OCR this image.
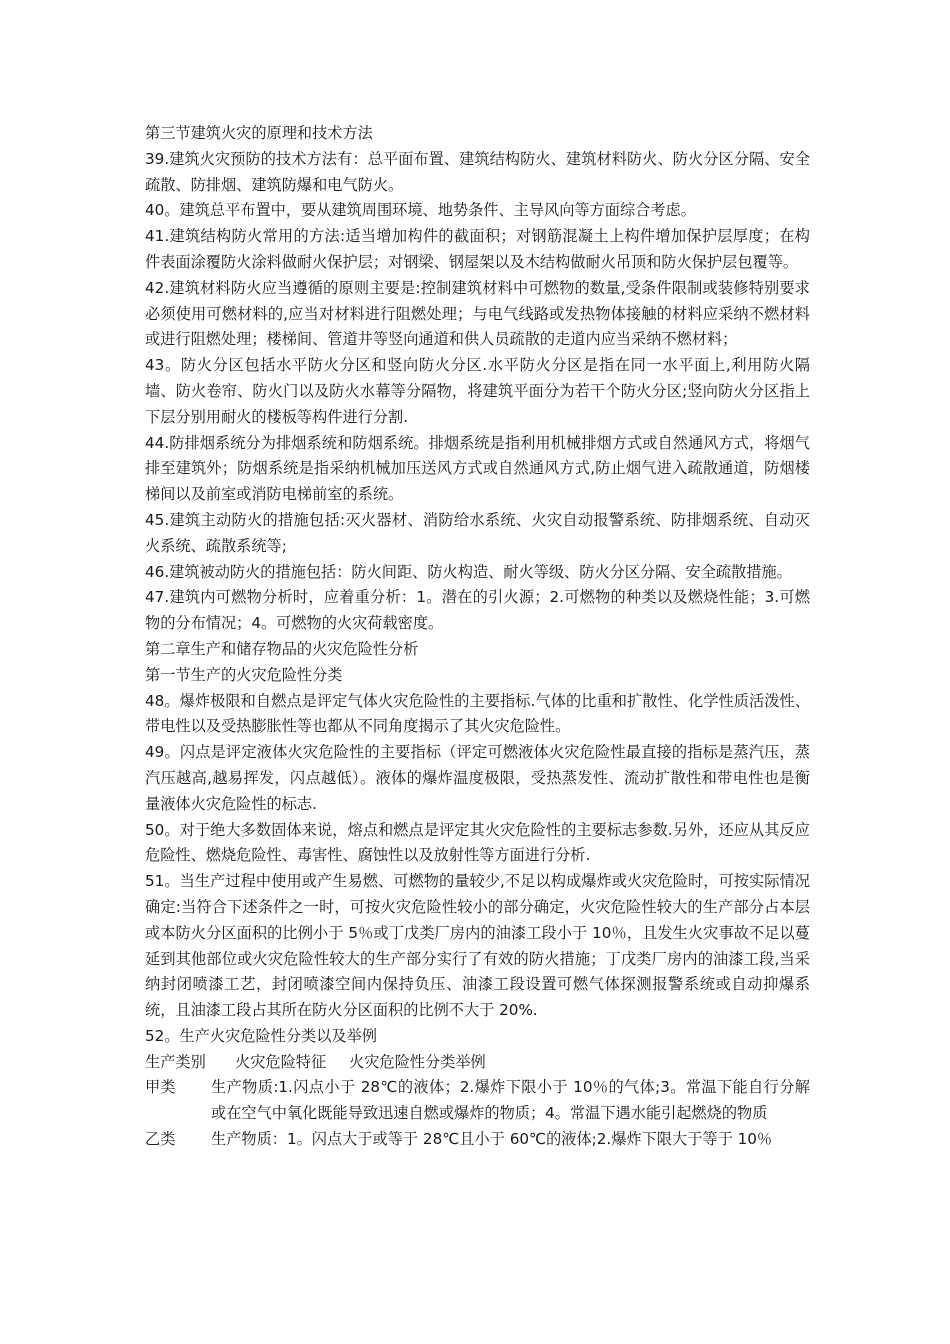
第三节建筑火灾的原理和技术方法

39.建筑火灾预防的技术方法有：总平面布置、建筑结构防火、建筑材料防火、防火分区分隔、安全疏散、防排烟、建筑防爆和电气防火。

40。建筑总平布置中，要从建筑周围环境、地势条件、主导风向等方面综合考虑。

41.建筑结构防火常用的方法:适当增加构件的截面积；对钢筋混凝土上构件增加保护层厚度；在构件表面涂覆防火涂料做耐火保护层；对钢梁、钢屋架以及木结构做耐火吊顶和防火保护层包覆等。

42.建筑材料防火应当遵循的原则主要是:控制建筑材料中可燃物的数量,受条件限制或装修特别要求必须使用可燃材料的,应当对材料进行阻燃处理；与电气线路或发热物体接触的材料应采纳不燃材料或进行阻燃处理；楼梯间、管道井等竖向通道和供人员疏散的走道内应当采纳不燃材料；

43。防火分区包括水平防火分区和竖向防火分区.水平防火分区是指在同一水平面上,利用防火隔墙、防火卷帘、防火门以及防火水幕等分隔物，将建筑平面分为若干个防火分区;竖向防火分区指上下层分别用耐火的楼板等构件进行分割.

44.防排烟系统分为排烟系统和防烟系统。排烟系统是指利用机械排烟方式或自然通风方式，将烟气排至建筑外；防烟系统是指采纳机械加压送风方式或自然通风方式,防止烟气进入疏散通道，防烟楼梯间以及前室或消防电梯前室的系统。

45.建筑主动防火的措施包括:灭火器材、消防给水系统、火灾自动报警系统、防排烟系统、自动灭火系统、疏散系统等;

46.建筑被动防火的措施包括：防火间距、防火构造、耐火等级、防火分区分隔、安全疏散措施。

47.建筑内可燃物分析时，应着重分析：1。潜在的引火源；2.可燃物的种类以及燃烧性能；3.可燃物的分布情况；4。可燃物的火灾荷载密度。

第二章生产和储存物品的火灾危险性分析

第一节生产的火灾危险性分类

48。爆炸极限和自燃点是评定气体火灾危险性的主要指标.气体的比重和扩散性、化学性质活泼性、带电性以及受热膨胀性等也都从不同角度揭示了其火灾危险性。

49。闪点是评定液体火灾危险性的主要指标（评定可燃液体火灾危险性最直接的指标是蒸汽压，蒸汽压越高,越易挥发，闪点越低）。液体的爆炸温度极限，受热蒸发性、流动扩散性和带电性也是衡量液体火灾危险性的标志.

50。对于绝大多数固体来说，熔点和燃点是评定其火灾危险性的主要标志参数.另外，还应从其反应危险性、燃烧危险性、毒害性、腐蚀性以及放射性等方面进行分析.

51。当生产过程中使用或产生易燃、可燃物的量较少,不足以构成爆炸或火灾危险时，可按实际情况确定:当符合下述条件之一时，可按火灾危险性较小的部分确定，火灾危险性较大的生产部分占本层或本防火分区面积的比例小于 5％或丁戊类厂房内的油漆工段小于 10％，且发生火灾事故不足以蔓延到其他部位或火灾危险性较大的生产部分实行了有效的防火措施；丁戊类厂房内的油漆工段,当采纳封闭喷漆工艺，封闭喷漆空间内保持负压、油漆工段设置可燃气体探测报警系统或自动抑爆系统，且油漆工段占其所在防火分区面积的比例不大于 20%.

52。生产火灾危险性分类以及举例

生产类别	火灾危险特征	火灾危险性分类举例
甲类	生产物质:1.闪点小于 28℃的液体；2.爆炸下限小于 10％的气体;3。常温下能自行分解或在空气中氧化既能导致迅速自燃或爆炸的物质；4。常温下遇水能引起燃烧的物质
乙类	生产物质：1。闪点大于或等于 28℃且小于 60℃的液体;2.爆炸下限大于等于 10％
